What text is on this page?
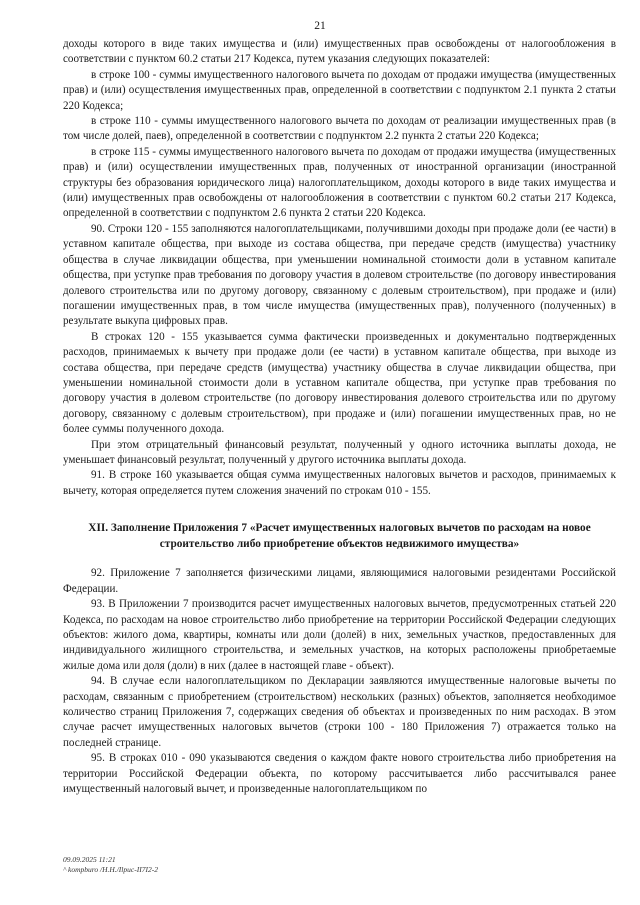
21

доходы которого в виде таких имущества и (или) имущественных прав освобождены от налогообложения в соответствии с пунктом 60.2 статьи 217 Кодекса, путем указания следующих показателей:

в строке 100 - суммы имущественного налогового вычета по доходам от продажи имущества (имущественных прав) и (или) осуществления имущественных прав, определенной в соответствии с подпунктом 2.1 пункта 2 статьи 220 Кодекса;

в строке 110 - суммы имущественного налогового вычета по доходам от реализации имущественных прав (в том числе долей, паев), определенной в соответствии с подпунктом 2.2 пункта 2 статьи 220 Кодекса;

в строке 115 - суммы имущественного налогового вычета по доходам от продажи имущества (имущественных прав) и (или) осуществлении имущественных прав, полученных от иностранной организации (иностранной структуры без образования юридического лица) налогоплательщиком, доходы которого в виде таких имущества и (или) имущественных прав освобождены от налогообложения в соответствии с пунктом 60.2 статьи 217 Кодекса, определенной в соответствии с подпунктом 2.6 пункта 2 статьи 220 Кодекса.

90. Строки 120 - 155 заполняются налогоплательщиками, получившими доходы при продаже доли (ее части) в уставном капитале общества, при выходе из состава общества, при передаче средств (имущества) участнику общества в случае ликвидации общества, при уменьшении номинальной стоимости доли в уставном капитале общества, при уступке прав требования по договору участия в долевом строительстве (по договору инвестирования долевого строительства или по другому договору, связанному с долевым строительством), при продаже и (или) погашении имущественных прав, в том числе имущества (имущественных прав), полученного (полученных) в результате выкупа цифровых прав.

В строках 120 - 155 указывается сумма фактически произведенных и документально подтвержденных расходов, принимаемых к вычету при продаже доли (ее части) в уставном капитале общества, при выходе из состава общества, при передаче средств (имущества) участнику общества в случае ликвидации общества, при уменьшении номинальной стоимости доли в уставном капитале общества, при уступке прав требования по договору участия в долевом строительстве (по договору инвестирования долевого строительства или по другому договору, связанному с долевым строительством), при продаже и (или) погашении имущественных прав, но не более суммы полученного дохода.

При этом отрицательный финансовый результат, полученный у одного источника выплаты дохода, не уменьшает финансовый результат, полученный у другого источника выплаты дохода.

91. В строке 160 указывается общая сумма имущественных налоговых вычетов и расходов, принимаемых к вычету, которая определяется путем сложения значений по строкам 010 - 155.

XII. Заполнение Приложения 7 «Расчет имущественных налоговых вычетов по расходам на новое строительство либо приобретение объектов недвижимого имущества»

92. Приложение 7 заполняется физическими лицами, являющимися налоговыми резидентами Российской Федерации.

93. В Приложении 7 производится расчет имущественных налоговых вычетов, предусмотренных статьей 220 Кодекса, по расходам на новое строительство либо приобретение на территории Российской Федерации следующих объектов: жилого дома, квартиры, комнаты или доли (долей) в них, земельных участков, предоставленных для индивидуального жилищного строительства, и земельных участков, на которых расположены приобретаемые жилые дома или доля (доли) в них (далее в настоящей главе - объект).

94. В случае если налогоплательщиком по Декларации заявляются имущественные налоговые вычеты по расходам, связанным с приобретением (строительством) нескольких (разных) объектов, заполняется необходимое количество страниц Приложения 7, содержащих сведения об объектах и произведенных по ним расходах. В этом случае расчет имущественных налоговых вычетов (строки 100 - 180 Приложения 7) отражается только на последней странице.

95. В строках 010 - 090 указываются сведения о каждом факте нового строительства либо приобретения на территории Российской Федерации объекта, по которому рассчитывается либо рассчитывался ранее имущественный налоговый вычет, и произведенные налогоплательщиком по

09.09.2025 11:21
^ kompburo /H.H./Ilpuc-II7I2-2
